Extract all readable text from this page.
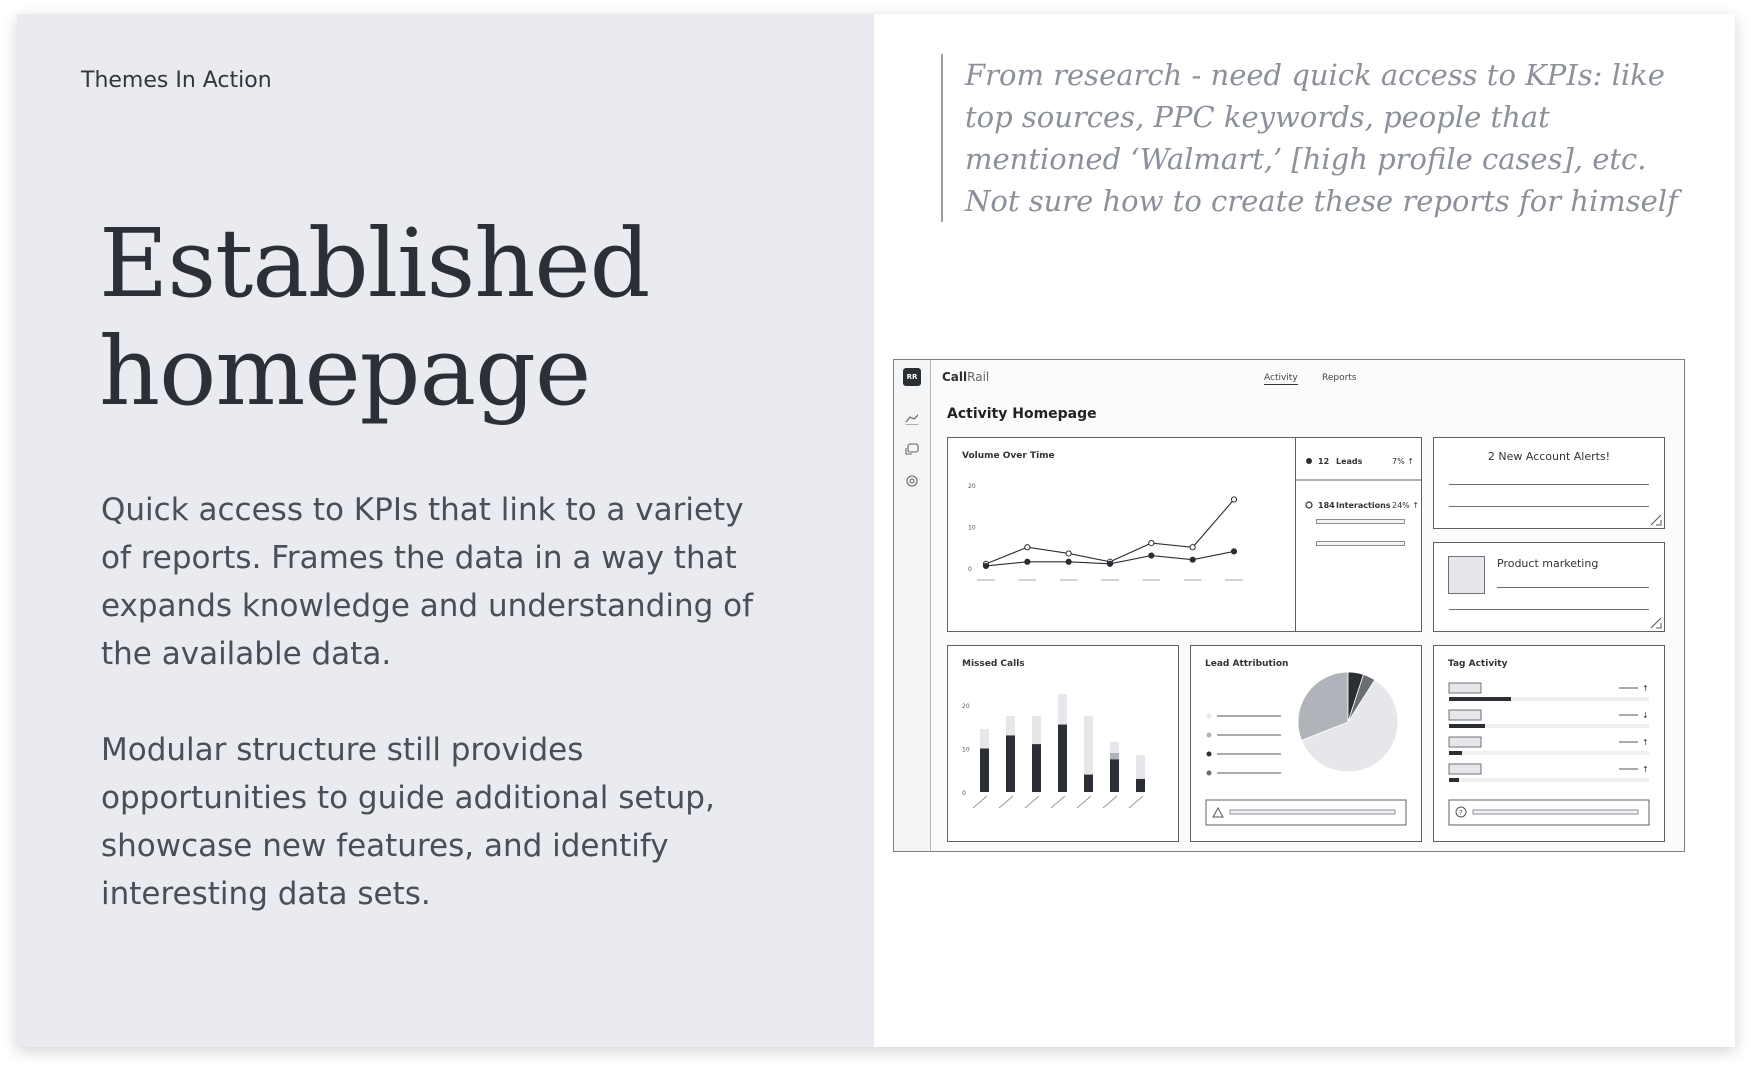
Themes In Action
Established
homepage

Quick access to KPIs that link to a variety of reports. Frames the data in a way that expands knowledge and understanding of the available data.

Modular structure still provides opportunities to guide additional setup, showcase new features, and identify interesting data sets.

From research - need quick access to KPIs: like top sources, PPC keywords, people that mentioned ‘Walmart,’ [high profile cases], etc. Not sure how to create these reports for himself

RR	CallRail	Activity	Reports
Activity Homepage
Volume Over Time
20
10
0
12 Leads	7% ↑
184 Interactions 24% ↑
2 New Account Alerts!
Product marketing
Missed Calls
20
10
0
Lead Attribution	Tag Activity
↑
↓
↑
↑
?
